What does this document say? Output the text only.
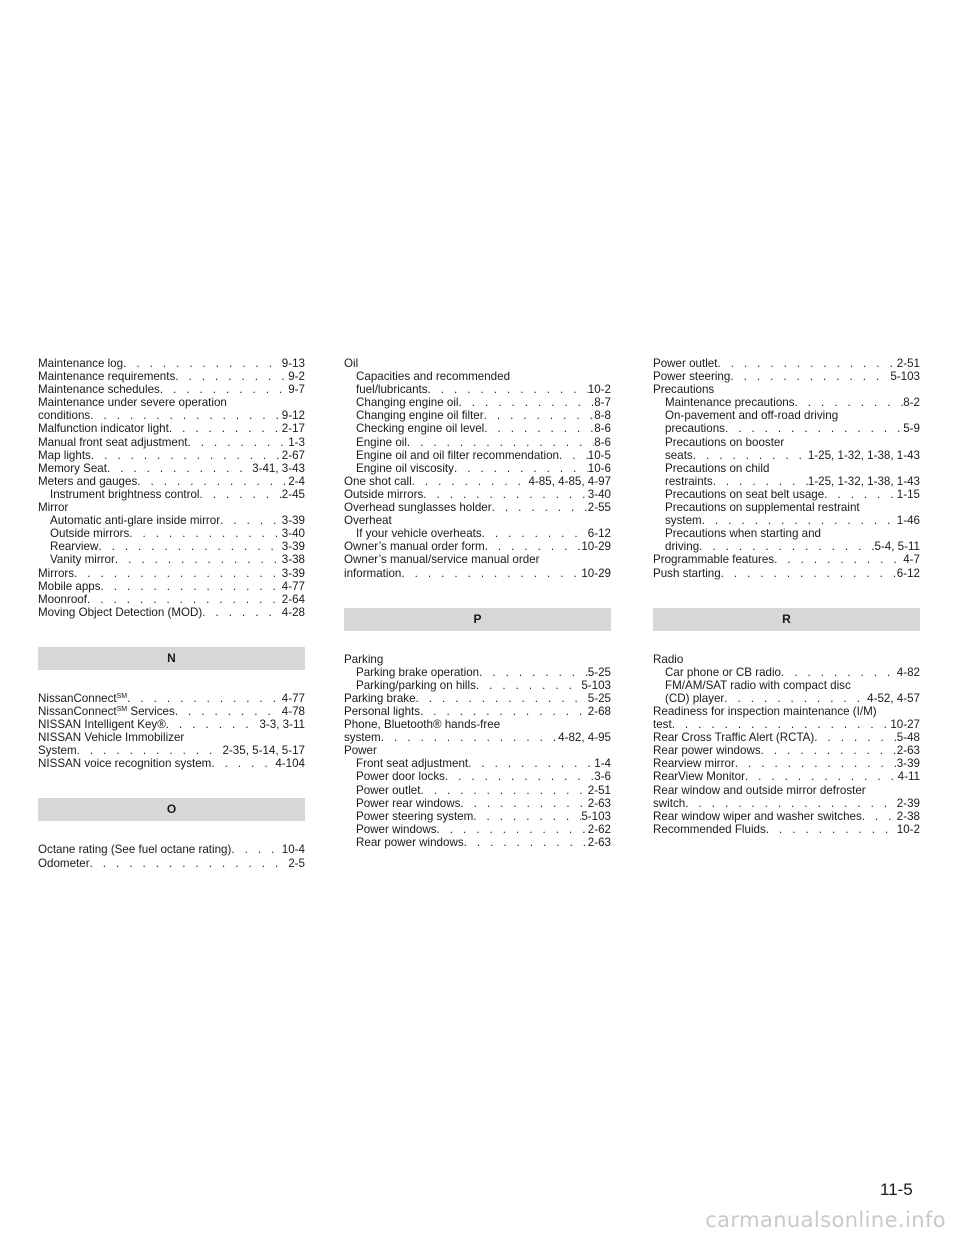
Maintenance log . . .	9-13
Maintenance requirements . . .	9-2
Maintenance schedules . . .	9-7
Maintenance under severe operation
conditions . . .	9-12
Malfunction indicator light . . .	2-17
Manual front seat adjustment . . .	1-3
Map lights . . .	2-67
Memory Seat . . .	3-41, 3-43
Meters and gauges . . .	2-4
Instrument brightness control . . .	2-45
Mirror
Automatic anti-glare inside mirror . . .	3-39
Outside mirrors . . .	3-40
Rearview . . .	3-39
Vanity mirror . . .	3-38
Mirrors . . .	3-39
Mobile apps . . .	4-77
Moonroof . . .	2-64
Moving Object Detection (MOD) . . .	4-28
N
NissanConnect℠ . . .	4-77
NissanConnect℠ Services . . .	4-78
NISSAN Intelligent Key® . . .	3-3, 3-11
NISSAN Vehicle Immobilizer
System . . .	2-35, 5-14, 5-17
NISSAN voice recognition system . . .	4-104
O
Octane rating (See fuel octane rating) . . .	10-4
Odometer . . .	2-5
Oil
Capacities and recommended
fuel/lubricants . . .	10-2
Changing engine oil . . .	8-7
Changing engine oil filter . . .	8-8
Checking engine oil level . . .	8-6
Engine oil . . .	8-6
Engine oil and oil filter recommendation . . . 10-5
Engine oil viscosity . . .	10-6
One shot call . . .	4-85, 4-85, 4-97
Outside mirrors . . .	3-40
Overhead sunglasses holder . . .	2-55
Overheat
If your vehicle overheats . . .	6-12
Owner’s manual order form . . .	10-29
Owner’s manual/service manual order
information . . .	10-29
P
Parking
Parking brake operation . . .	5-25
Parking/parking on hills . . .	5-103
Parking brake . . .	5-25
Personal lights . . .	2-68
Phone, Bluetooth® hands-free
system . . .	4-82, 4-95
Power
Front seat adjustment . . .	1-4
Power door locks . . .	3-6
Power outlet . . .	2-51
Power rear windows . . .	2-63
Power steering system . . .	5-103
Power windows . . .	2-62
Rear power windows . . .	2-63
Power outlet . . .	2-51
Power steering . . .	5-103
Precautions
Maintenance precautions . . .	8-2
On-pavement and off-road driving
precautions . . .	5-9
Precautions on booster
seats . . .	1-25, 1-32, 1-38, 1-43
Precautions on child
restraints . . .	1-25, 1-32, 1-38, 1-43
Precautions on seat belt usage . . .	1-15
Precautions on supplemental restraint
system . . .	1-46
Precautions when starting and
driving . . .	5-4, 5-11
Programmable features . . .	4-7
Push starting . . .	6-12
R
Radio
Car phone or CB radio . . .	4-82
FM/AM/SAT radio with compact disc
(CD) player . . .	4-52, 4-57
Readiness for inspection maintenance (I/M)
test . . .	10-27
Rear Cross Traffic Alert (RCTA) . . .	5-48
Rear power windows . . .	2-63
Rearview mirror . . .	3-39
RearView Monitor . . .	4-11
Rear window and outside mirror defroster
switch . . .	2-39
Rear window wiper and washer switches . . .	2-38
Recommended Fluids . . .	10-2
11-5
carmanualsonline.info
